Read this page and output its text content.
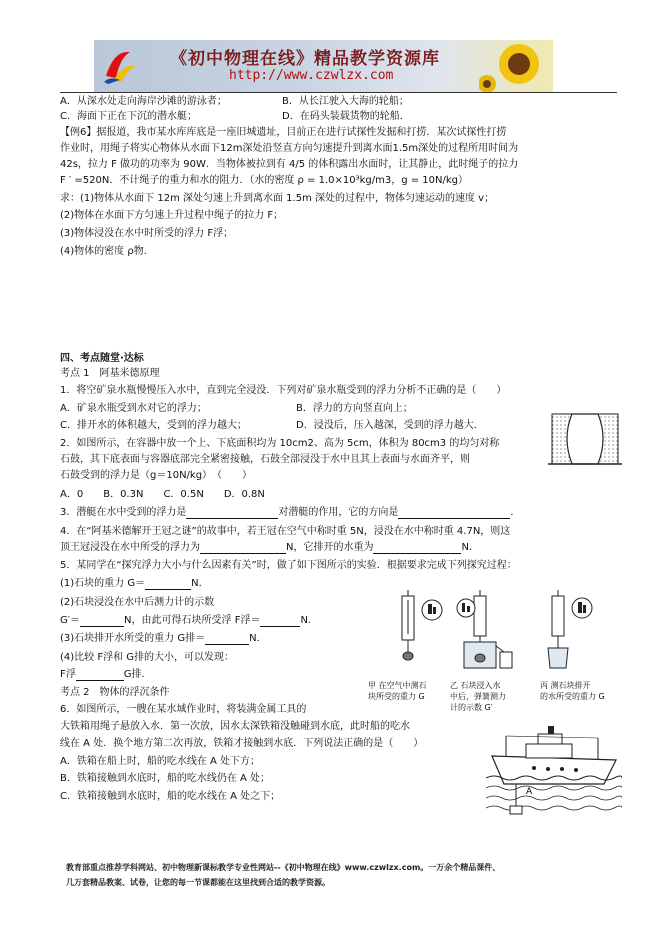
《初中物理在线》精品教学资源库
http://www.czwlzx.com
A．从深水处走向海岸沙滩的游泳者；	B．从长江驶入大海的轮船；
C．海面下正在下沉的潜水艇；	D．在码头装载货物的轮船．
【例6】据报道，我市某水库库底是一座旧城遗址，目前正在进行试探性发掘和打捞．某次试探性打捞
作业时，用绳子将实心物体从水面下12m深处沿竖直方向匀速提升到离水面1.5m深处的过程所用时间为
42s，拉力 F 做功的功率为 90W．当物体被拉到有 4/5 的体积露出水面时，让其静止，此时绳子的拉力
F ′ =520N．不计绳子的重力和水的阻力．（水的密度 ρ = 1.0×10³kg/m3，g = 10N/kg）
求：(1)物体从水面下 12m 深处匀速上升到离水面 1.5m 深处的过程中，物体匀速运动的速度 v；
(2)物体在水面下方匀速上升过程中绳子的拉力 F；
(3)物体浸没在水中时所受的浮力 F浮；
(4)物体的密度 ρ物．
四、考点随堂·达标
考点 1　阿基米德原理
1．将空矿泉水瓶慢慢压入水中，直到完全浸没．下列对矿泉水瓶受到的浮力分析不正确的是（　　）
A．矿泉水瓶受到水对它的浮力；	B．浮力的方向竖直向上；
C．排开水的体积越大，受到的浮力越大；	D．浸没后，压入越深，受到的浮力越大．
2．如图所示，在容器中放一个上、下底面积均为 10cm2、高为 5cm，体积为 80cm3 的均匀对称
石鼓，其下底表面与容器底部完全紧密接触，石鼓全部浸没于水中且其上表面与水面齐平，则
石鼓受到的浮力是（g＝10N/kg）　（　　）
A．0　　B．0.3N　　C．0.5N　　D．0.8N
3．潜艇在水中受到的浮力是	对潜艇的作用，它的方向是	．
4．在“阿基米德解开王冠之谜”的故事中，若王冠在空气中称时重 5N，浸没在水中称时重 4.7N，则这
顶王冠浸没在水中所受的浮力为	N，它排开的水重为	N．
5．某同学在“探究浮力大小与什么因素有关”时，做了如下图所示的实验．根据要求完成下列探究过程：
(1)石块的重力 G＝	N．
(2)石块浸没在水中后测力计的示数
G′＝	N，由此可得石块所受浮 F浮＝	N．
(3)石块排开水所受的重力 G排＝	N．
(4)比较 F浮和 G排的大小，可以发现：
F浮	G排．
甲 在空气中测石
块所受的重力 G
乙 石块浸入水
中后，弹簧测力
计的示数 G′
丙 测石块排开
的水所受的重力 G
考点 2　物体的浮沉条件
6．如图所示，一艘在某水域作业时，将装满金属工具的
大铁箱用绳子悬放入水．第一次放，因水太深铁箱没触碰到水底，此时船的吃水
线在 A 处．换个地方第二次再放，铁箱才接触到水底．下列说法正确的是（　　）
A．铁箱在船上时，船的吃水线在 A 处下方；
B．铁箱接触到水底时，船的吃水线仍在 A 处；
C．铁箱接触到水底时，船的吃水线在 A 处之下；	A
教育部重点推荐学科网站、初中物理新课标教学专业性网站--《初中物理在线》www.czwlzx.com。一万余个精品课件、
几万套精品教案、试卷，让您的每一节课都能在这里找到合适的教学资源。
